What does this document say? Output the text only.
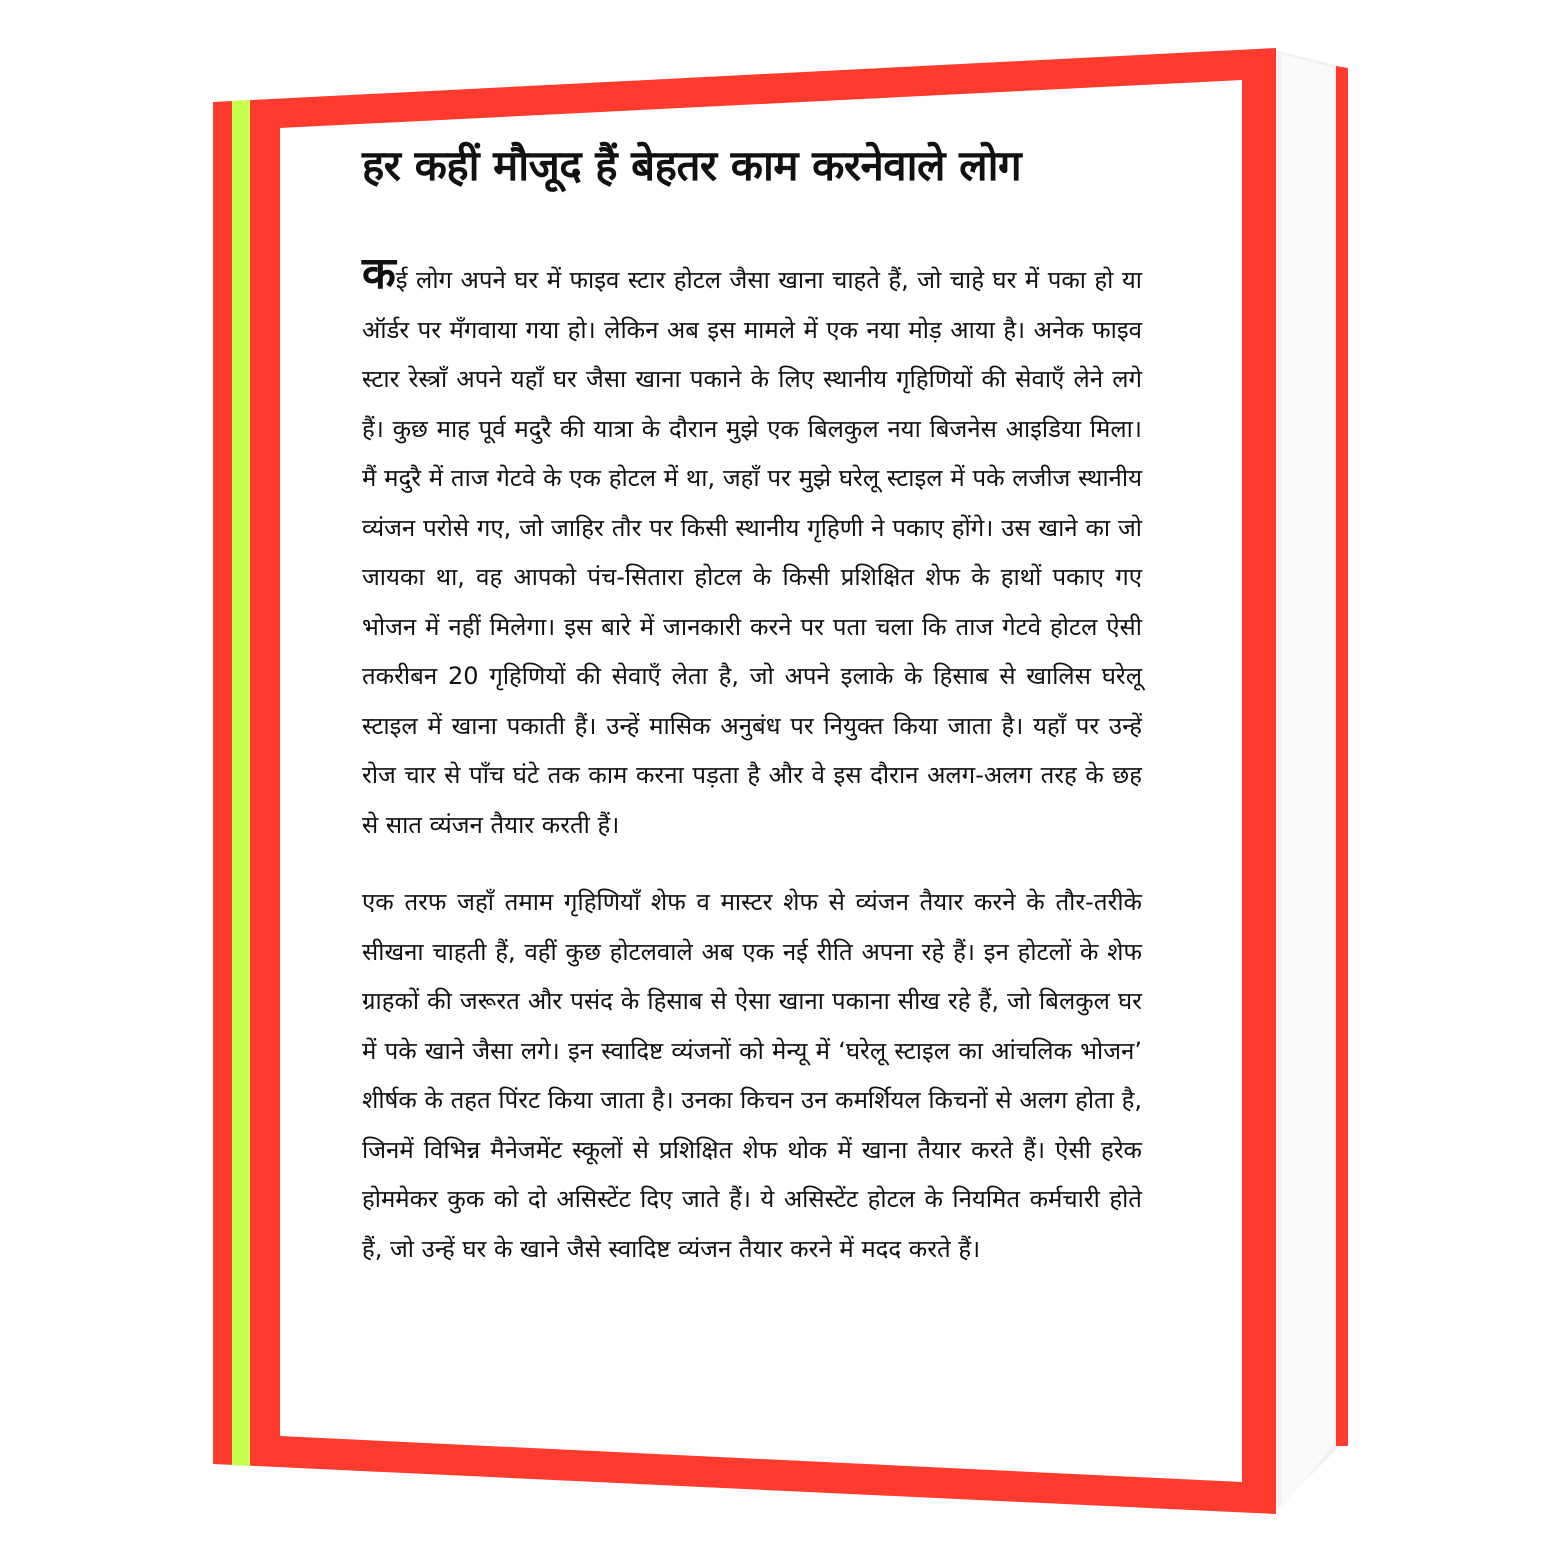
हर कहीं मौजूद हैं बेहतर काम करनेवाले लोग

कई लोग अपने घर में फाइव स्टार होटल जैसा खाना चाहते हैं, जो चाहे घर में पका हो या ऑर्डर पर मँगवाया गया हो। लेकिन अब इस मामले में एक नया मोड़ आया है। अनेक फाइव स्टार रेस्त्राँ अपने यहाँ घर जैसा खाना पकाने के लिए स्थानीय गृहिणियों की सेवाएँ लेने लगे हैं। कुछ माह पूर्व मदुरै की यात्रा के दौरान मुझे एक बिलकुल नया बिजनेस आइडिया मिला। मैं मदुरै में ताज गेटवे के एक होटल में था, जहाँ पर मुझे घरेलू स्टाइल में पके लजीज स्थानीय व्यंजन परोसे गए, जो जाहिर तौर पर किसी स्थानीय गृहिणी ने पकाए होंगे। उस खाने का जो जायका था, वह आपको पंच-सितारा होटल के किसी प्रशिक्षित शेफ के हाथों पकाए गए भोजन में नहीं मिलेगा। इस बारे में जानकारी करने पर पता चला कि ताज गेटवे होटल ऐसी तकरीबन 20 गृहिणियों की सेवाएँ लेता है, जो अपने इलाके के हिसाब से खालिस घरेलू स्टाइल में खाना पकाती हैं। उन्हें मासिक अनुबंध पर नियुक्त किया जाता है। यहाँ पर उन्हें रोज चार से पाँच घंटे तक काम करना पड़ता है और वे इस दौरान अलग-अलग तरह के छह से सात व्यंजन तैयार करती हैं।

एक तरफ जहाँ तमाम गृहिणियाँ शेफ व मास्टर शेफ से व्यंजन तैयार करने के तौर-तरीके सीखना चाहती हैं, वहीं कुछ होटलवाले अब एक नई रीति अपना रहे हैं। इन होटलों के शेफ ग्राहकों की जरूरत और पसंद के हिसाब से ऐसा खाना पकाना सीख रहे हैं, जो बिलकुल घर में पके खाने जैसा लगे। इन स्वादिष्ट व्यंजनों को मेन्यू में ‘घरेलू स्टाइल का आंचलिक भोजन’ शीर्षक के तहत पिंरट किया जाता है। उनका किचन उन कमर्शियल किचनों से अलग होता है, जिनमें विभिन्न मैनेजमेंट स्कूलों से प्रशिक्षित शेफ थोक में खाना तैयार करते हैं। ऐसी हरेक होममेकर कुक को दो असिस्टेंट दिए जाते हैं। ये असिस्टेंट होटल के नियमित कर्मचारी होते हैं, जो उन्हें घर के खाने जैसे स्वादिष्ट व्यंजन तैयार करने में मदद करते हैं।
